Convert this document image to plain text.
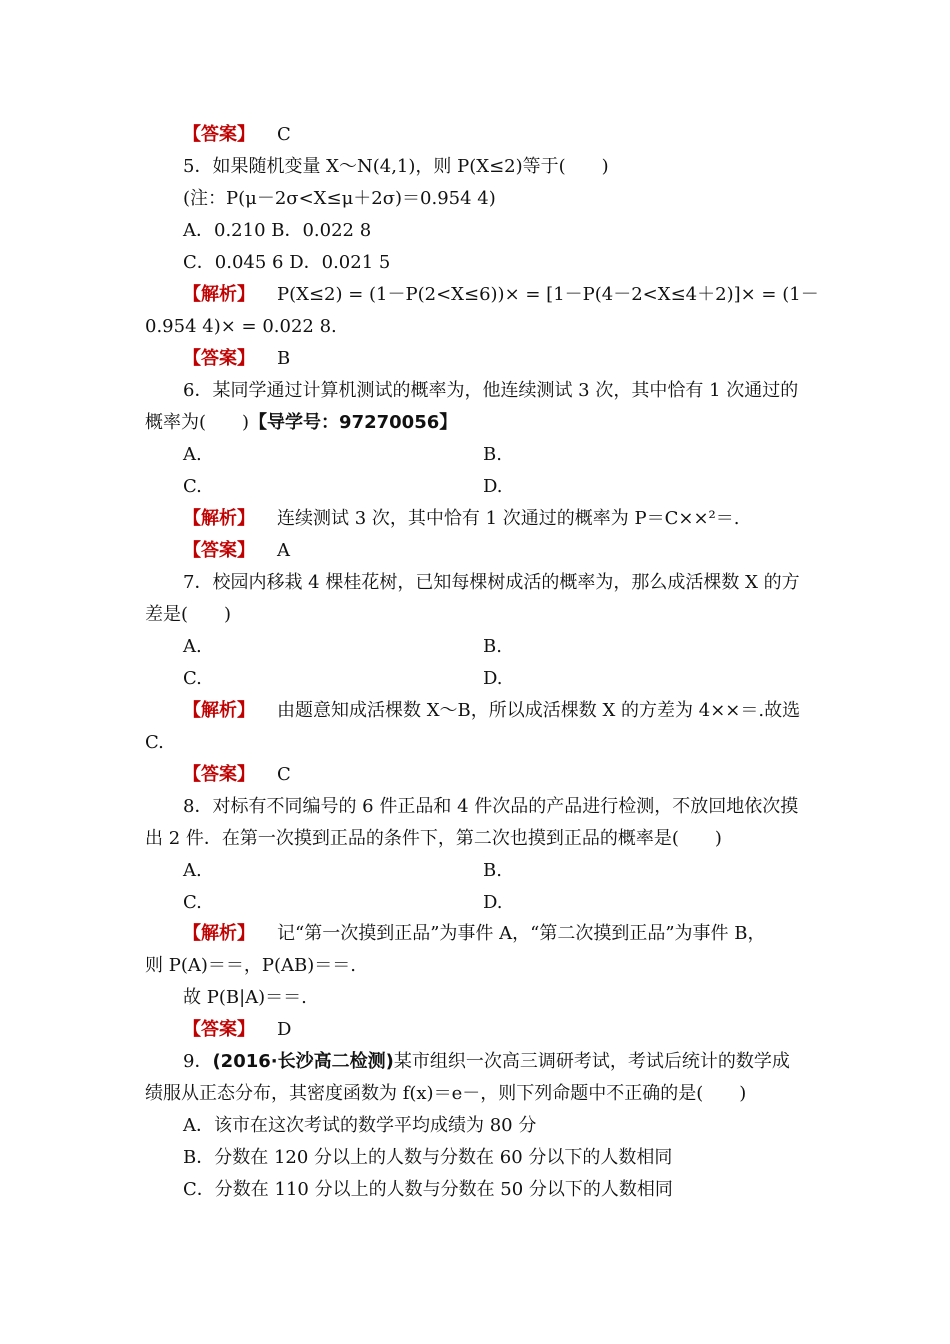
【答案】 C
5．如果随机变量 X～N(4,1)，则 P(X≤2)等于(　　)
(注：P(μ－2σ<X≤μ＋2σ)＝0.954 4)
A．0.210 B．0.022 8
C．0.045 6 D．0.021 5
【解析】 P(X≤2) = (1－P(2<X≤6))× = [1－P(4－2<X≤4＋2)]× = (1－
0.954 4)× = 0.022 8.
【答案】 B
6．某同学通过计算机测试的概率为，他连续测试 3 次，其中恰有 1 次通过的
概率为(　　)【导学号：97270056】
A.	B.
C.	D.
【解析】 连续测试 3 次，其中恰有 1 次通过的概率为 P＝C××²＝.
【答案】 A
7．校园内移栽 4 棵桂花树，已知每棵树成活的概率为，那么成活棵数 X 的方
差是(　　)
A.	B.
C.	D.
【解析】 由题意知成活棵数 X～B，所以成活棵数 X 的方差为 4××＝.故选
C.
【答案】 C
8．对标有不同编号的 6 件正品和 4 件次品的产品进行检测，不放回地依次摸
出 2 件．在第一次摸到正品的条件下，第二次也摸到正品的概率是(　　)
A.	B.
C.	D.
【解析】 记“第一次摸到正品”为事件 A，“第二次摸到正品”为事件 B，
则 P(A)＝＝，P(AB)＝＝.
故 P(B|A)＝＝.
【答案】 D
9．(2016·长沙高二检测)某市组织一次高三调研考试，考试后统计的数学成
绩服从正态分布，其密度函数为 f(x)＝e－，则下列命题中不正确的是(　　)
A．该市在这次考试的数学平均成绩为 80 分
B．分数在 120 分以上的人数与分数在 60 分以下的人数相同
C．分数在 110 分以上的人数与分数在 50 分以下的人数相同
